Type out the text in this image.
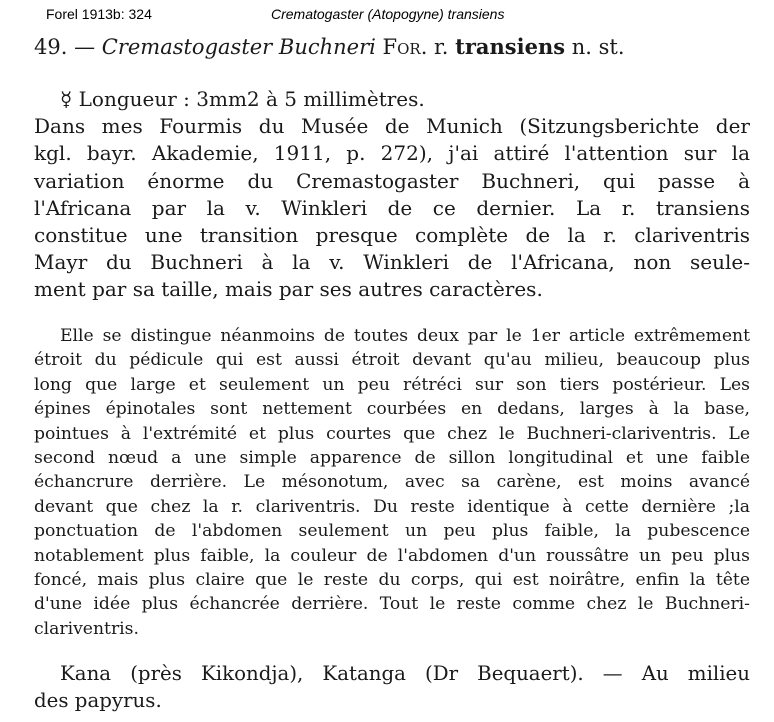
Forel 1913b: 324	Crematogaster (Atopogyne) transiens
49. — Cremastogaster Buchneri For. r. transiens n. st.
☿ Longueur : 3mm2 à 5 millimètres.
Dans mes Fourmis du Musée de Munich (Sitzungsberichte der
kgl. bayr. Akademie, 1911, p. 272), j'ai attiré l'attention sur la
variation énorme du Cremastogaster Buchneri, qui passe à
l'Africana par la v. Winkleri de ce dernier. La r. transiens
constitue une transition presque complète de la r. clariventris
Mayr du Buchneri à la v. Winkleri de l'Africana, non seule-
ment par sa taille, mais par ses autres caractères.
Elle se distingue néanmoins de toutes deux par le 1er article extrêmement
étroit du pédicule qui est aussi étroit devant qu'au milieu, beaucoup plus
long que large et seulement un peu rétréci sur son tiers postérieur. Les
épines épinotales sont nettement courbées en dedans, larges à la base,
pointues à l'extrémité et plus courtes que chez le Buchneri-clariventris. Le
second nœud a une simple apparence de sillon longitudinal et une faible
échancrure derrière. Le mésonotum, avec sa carène, est moins avancé
devant que chez la r. clariventris. Du reste identique à cette dernière ;la
ponctuation de l'abdomen seulement un peu plus faible, la pubescence
notablement plus faible, la couleur de l'abdomen d'un roussâtre un peu plus
foncé, mais plus claire que le reste du corps, qui est noirâtre, enfin la tête
d'une idée plus échancrée derrière. Tout le reste comme chez le Buchneri-
clariventris.
Kana (près Kikondja), Katanga (Dr Bequaert). — Au milieu
des papyrus.
